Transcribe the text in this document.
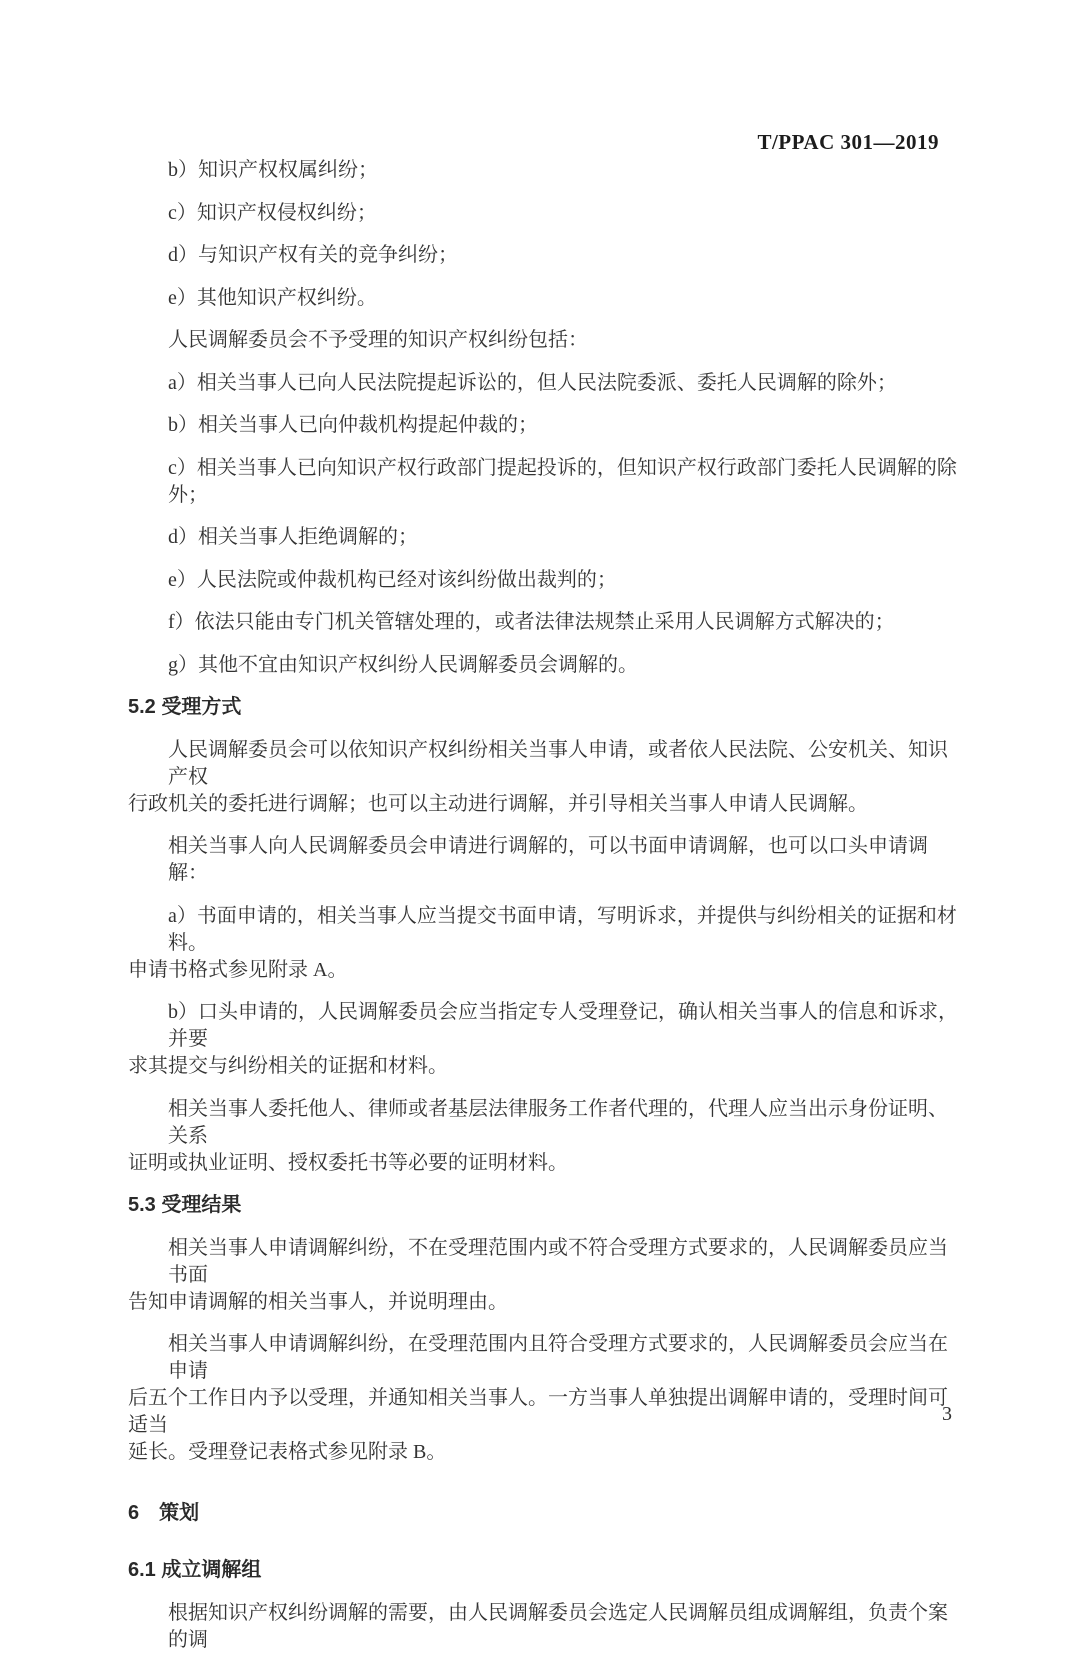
T/PPAC 301—2019
b）知识产权权属纠纷；
c）知识产权侵权纠纷；
d）与知识产权有关的竞争纠纷；
e）其他知识产权纠纷。
人民调解委员会不予受理的知识产权纠纷包括：
a）相关当事人已向人民法院提起诉讼的，但人民法院委派、委托人民调解的除外；
b）相关当事人已向仲裁机构提起仲裁的；
c）相关当事人已向知识产权行政部门提起投诉的，但知识产权行政部门委托人民调解的除外；
d）相关当事人拒绝调解的；
e）人民法院或仲裁机构已经对该纠纷做出裁判的；
f）依法只能由专门机关管辖处理的，或者法律法规禁止采用人民调解方式解决的；
g）其他不宜由知识产权纠纷人民调解委员会调解的。
5.2 受理方式
人民调解委员会可以依知识产权纠纷相关当事人申请，或者依人民法院、公安机关、知识产权
行政机关的委托进行调解；也可以主动进行调解，并引导相关当事人申请人民调解。
相关当事人向人民调解委员会申请进行调解的，可以书面申请调解，也可以口头申请调解：
a）书面申请的，相关当事人应当提交书面申请，写明诉求，并提供与纠纷相关的证据和材料。
申请书格式参见附录 A。
b）口头申请的，人民调解委员会应当指定专人受理登记，确认相关当事人的信息和诉求，并要
求其提交与纠纷相关的证据和材料。
相关当事人委托他人、律师或者基层法律服务工作者代理的，代理人应当出示身份证明、关系
证明或执业证明、授权委托书等必要的证明材料。
5.3 受理结果
相关当事人申请调解纠纷，不在受理范围内或不符合受理方式要求的，人民调解委员应当书面
告知申请调解的相关当事人，并说明理由。
相关当事人申请调解纠纷，在受理范围内且符合受理方式要求的，人民调解委员会应当在申请
后五个工作日内予以受理，并通知相关当事人。一方当事人单独提出调解申请的，受理时间可适当
延长。受理登记表格式参见附录 B。
6　策划
6.1 成立调解组
根据知识产权纠纷调解的需要，由人民调解委员会选定人民调解员组成调解组，负责个案的调
3
